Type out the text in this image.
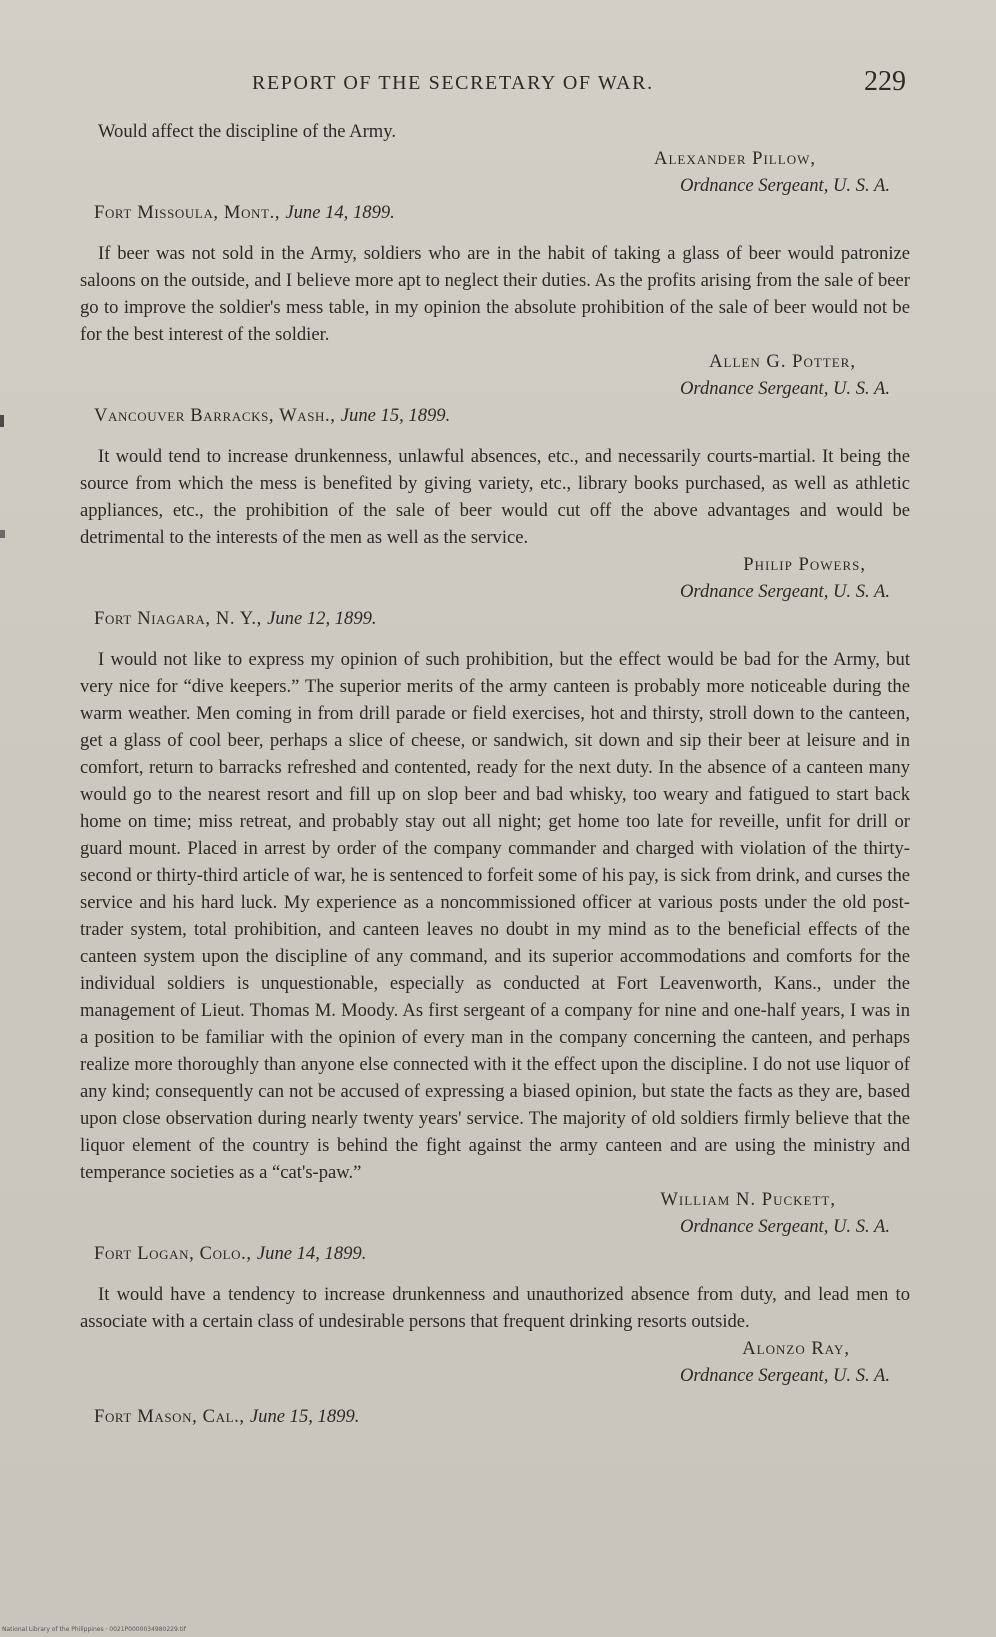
REPORT OF THE SECRETARY OF WAR.	229

Would affect the discipline of the Army.

Alexander Pillow,
Ordnance Sergeant, U. S. A.

Fort Missoula, Mont., June 14, 1899.

If beer was not sold in the Army, soldiers who are in the habit of taking a glass of beer would patronize saloons on the outside, and I believe more apt to neglect their duties. As the profits arising from the sale of beer go to improve the soldier's mess table, in my opinion the absolute prohibition of the sale of beer would not be for the best interest of the soldier.

Allen G. Potter,
Ordnance Sergeant, U. S. A.

Vancouver Barracks, Wash., June 15, 1899.

It would tend to increase drunkenness, unlawful absences, etc., and necessarily courts-martial. It being the source from which the mess is benefited by giving variety, etc., library books purchased, as well as athletic appliances, etc., the prohibition of the sale of beer would cut off the above advantages and would be detrimental to the interests of the men as well as the service.

Philip Powers,
Ordnance Sergeant, U. S. A.

Fort Niagara, N. Y., June 12, 1899.

I would not like to express my opinion of such prohibition, but the effect would be bad for the Army, but very nice for “dive keepers.” The superior merits of the army canteen is probably more noticeable during the warm weather. Men coming in from drill parade or field exercises, hot and thirsty, stroll down to the canteen, get a glass of cool beer, perhaps a slice of cheese, or sandwich, sit down and sip their beer at leisure and in comfort, return to barracks refreshed and contented, ready for the next duty. In the absence of a canteen many would go to the nearest resort and fill up on slop beer and bad whisky, too weary and fatigued to start back home on time; miss retreat, and probably stay out all night; get home too late for reveille, unfit for drill or guard mount. Placed in arrest by order of the company commander and charged with violation of the thirty-second or thirty-third article of war, he is sentenced to forfeit some of his pay, is sick from drink, and curses the service and his hard luck. My experience as a noncommissioned officer at various posts under the old post-trader system, total prohibition, and canteen leaves no doubt in my mind as to the beneficial effects of the canteen system upon the discipline of any command, and its superior accommodations and comforts for the individual soldiers is unquestionable, especially as conducted at Fort Leavenworth, Kans., under the management of Lieut. Thomas M. Moody. As first sergeant of a company for nine and one-half years, I was in a position to be familiar with the opinion of every man in the company concerning the canteen, and perhaps realize more thoroughly than anyone else connected with it the effect upon the discipline. I do not use liquor of any kind; consequently can not be accused of expressing a biased opinion, but state the facts as they are, based upon close observation during nearly twenty years' service. The majority of old soldiers firmly believe that the liquor element of the country is behind the fight against the army canteen and are using the ministry and temperance societies as a “cat's-paw.”

William N. Puckett,
Ordnance Sergeant, U. S. A.

Fort Logan, Colo., June 14, 1899.

It would have a tendency to increase drunkenness and unauthorized absence from duty, and lead men to associate with a certain class of undesirable persons that frequent drinking resorts outside.

Alonzo Ray,
Ordnance Sergeant, U. S. A.

Fort Mason, Cal., June 15, 1899.

National Library of the Philippines · 0021P0000034980229.tif
